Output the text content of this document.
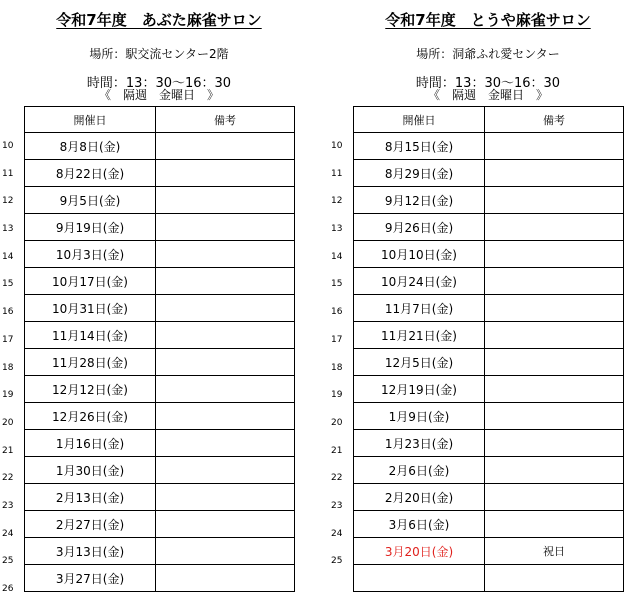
10
11
12
13
14
15
16
17
18
19
20
21
22
23
24
25
26
令和7年度　あぶた麻雀サロン
場所：駅交流センター2階
時間：13：30〜16：30
《　隔週　金曜日　》
開催日	備考
8月8日(金)	
8月22日(金)	
9月5日(金)	
9月19日(金)	
10月3日(金)	
10月17日(金)	
10月31日(金)	
11月14日(金)	
11月28日(金)	
12月12日(金)	
12月26日(金)	
1月16日(金)	
1月30日(金)	
2月13日(金)	
2月27日(金)	
3月13日(金)	
3月27日(金)	
10
11
12
13
14
15
16
17
18
19
20
21
22
23
24
25
令和7年度　とうや麻雀サロン
場所：洞爺ふれ愛センター
時間：13：30〜16：30
《　隔週　金曜日　》
開催日	備考
8月15日(金)	
8月29日(金)	
9月12日(金)	
9月26日(金)	
10月10日(金)	
10月24日(金)	
11月7日(金)	
11月21日(金)	
12月5日(金)	
12月19日(金)	
1月9日(金)	
1月23日(金)	
2月6日(金)	
2月20日(金)	
3月6日(金)	
3月20日(金)	祝日
